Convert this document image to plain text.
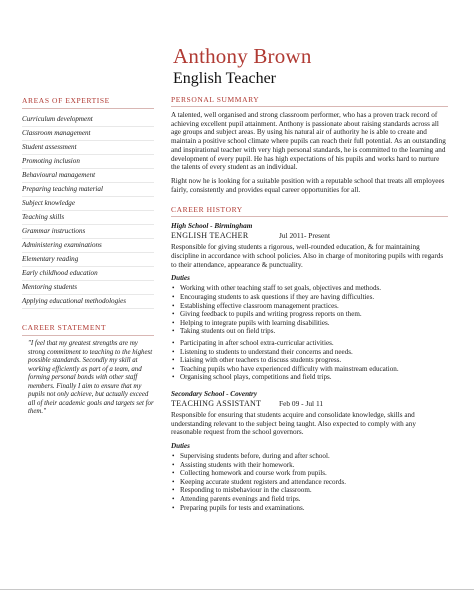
Anthony Brown
English Teacher
AREAS OF EXPERTISE
Curriculum development
Classroom management
Student assessment
Promoting inclusion
Behavioural management
Preparing teaching material
Subject knowledge
Teaching skills
Grammar instructions
Administering examinations
Elementary reading
Early childhood education
Mentoring students
Applying educational methodologies
CAREER STATEMENT
"I feel that my greatest strengths are my strong commitment to teaching to the highest possible standards. Secondly my skill at working efficiently as part of a team, and forming personal bonds with other staff members. Finally I aim to ensure that my pupils not only achieve, but actually exceed all of their academic goals and targets set for them."
PERSONAL SUMMARY
A talented, well organised and strong classroom performer, who has a proven track record of achieving excellent pupil attainment. Anthony is passionate about raising standards across all age groups and subject areas. By using his natural air of authority he is able to create and maintain a positive school climate where pupils can reach their full potential. As an outstanding and inspirational teacher with very high personal standards, he is committed to the learning and development of every pupil. He has high expectations of his pupils and works hard to nurture the talents of every student as an individual.
Right now he is looking for a suitable position with a reputable school that treats all employees fairly, consistently and provides equal career opportunities for all.
CAREER HISTORY
High School - Birmingham
ENGLISH TEACHER	Jul 2011- Present
Responsible for giving students a rigorous, well-rounded education, & for maintaining discipline in accordance with school policies. Also in charge of monitoring pupils with regards to their attendance, appearance & punctuality.
Duties
• Working with other teaching staff to set goals, objectives and methods.
• Encouraging students to ask questions if they are having difficulties.
• Establishing effective classroom management practices.
• Giving feedback to pupils and writing progress reports on them.
• Helping to integrate pupils with learning disabilities.
• Taking students out on field trips.
• Participating in after school extra-curricular activities.
• Listening to students to understand their concerns and needs.
• Liaising with other teachers to discuss students progress.
• Teaching pupils who have experienced difficulty with mainstream education.
• Organising school plays, competitions and field trips.
Secondary School - Coventry
TEACHING ASSISTANT	Feb 09 - Jul 11
Responsible for ensuring that students acquire and consolidate knowledge, skills and understanding relevant to the subject being taught. Also expected to comply with any reasonable request from the school governors.
Duties
• Supervising students before, during and after school.
• Assisting students with their homework.
• Collecting homework and course work from pupils.
• Keeping accurate student registers and attendance records.
• Responding to misbehaviour in the classroom.
• Attending parents evenings and field trips.
• Preparing pupils for tests and examinations.
